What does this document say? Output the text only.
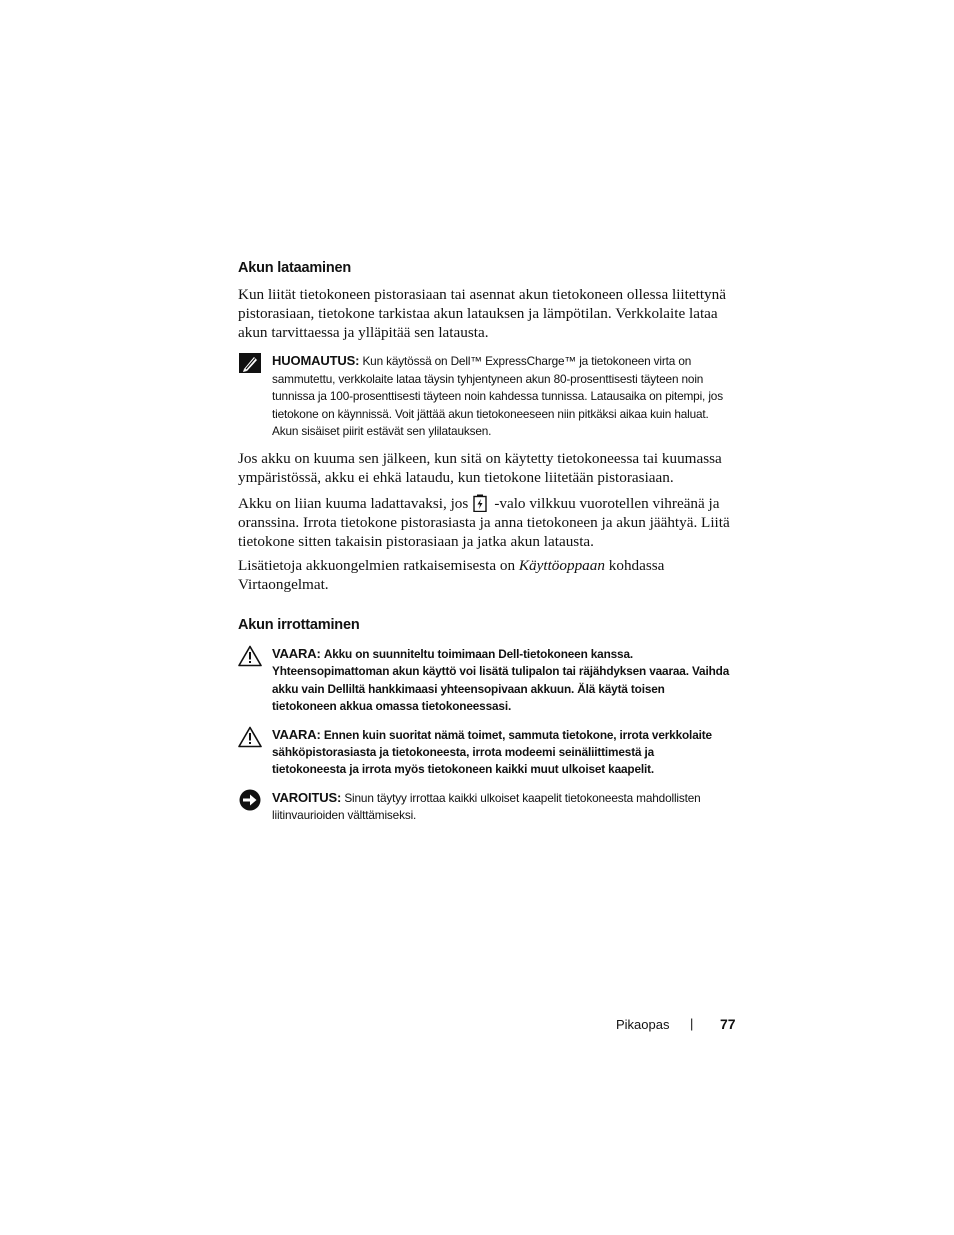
Akun lataaminen

Kun liität tietokoneen pistorasiaan tai asennat akun tietokoneen ollessa liitettynä pistorasiaan, tietokone tarkistaa akun latauksen ja lämpötilan. Verkkolaite lataa akun tarvittaessa ja ylläpitää sen latausta.

HUOMAUTUS: Kun käytössä on Dell™ ExpressCharge™ ja tietokoneen virta on sammutettu, verkkolaite lataa täysin tyhjentyneen akun 80-prosenttisesti täyteen noin tunnissa ja 100-prosenttisesti täyteen noin kahdessa tunnissa. Latausaika on pitempi, jos tietokone on käynnissä. Voit jättää akun tietokoneeseen niin pitkäksi aikaa kuin haluat. Akun sisäiset piirit estävät sen ylilatauksen.

Jos akku on kuuma sen jälkeen, kun sitä on käytetty tietokoneessa tai kuumassa ympäristössä, akku ei ehkä lataudu, kun tietokone liitetään pistorasiaan.

Akku on liian kuuma ladattavaksi, jos -valo vilkkuu vuorotellen vihreänä ja oranssina. Irrota tietokone pistorasiasta ja anna tietokoneen ja akun jäähtyä. Liitä tietokone sitten takaisin pistorasiaan ja jatka akun latausta.

Lisätietoja akkuongelmien ratkaisemisesta on Käyttöoppaan kohdassa Virtaongelmat.

Akun irrottaminen
VAARA: Akku on suunniteltu toimimaan Dell-tietokoneen kanssa. Yhteensopimattoman akun käyttö voi lisätä tulipalon tai räjähdyksen vaaraa. Vaihda akku vain Delliltä hankkimaasi yhteensopivaan akkuun. Älä käytä toisen tietokoneen akkua omassa tietokoneessasi.
VAARA: Ennen kuin suoritat nämä toimet, sammuta tietokone, irrota verkkolaite sähköpistorasiasta ja tietokoneesta, irrota modeemi seinäliittimestä ja tietokoneesta ja irrota myös tietokoneen kaikki muut ulkoiset kaapelit.
VAROITUS: Sinun täytyy irrottaa kaikki ulkoiset kaapelit tietokoneesta mahdollisten liitinvaurioiden välttämiseksi.
Pikaopas | 77
